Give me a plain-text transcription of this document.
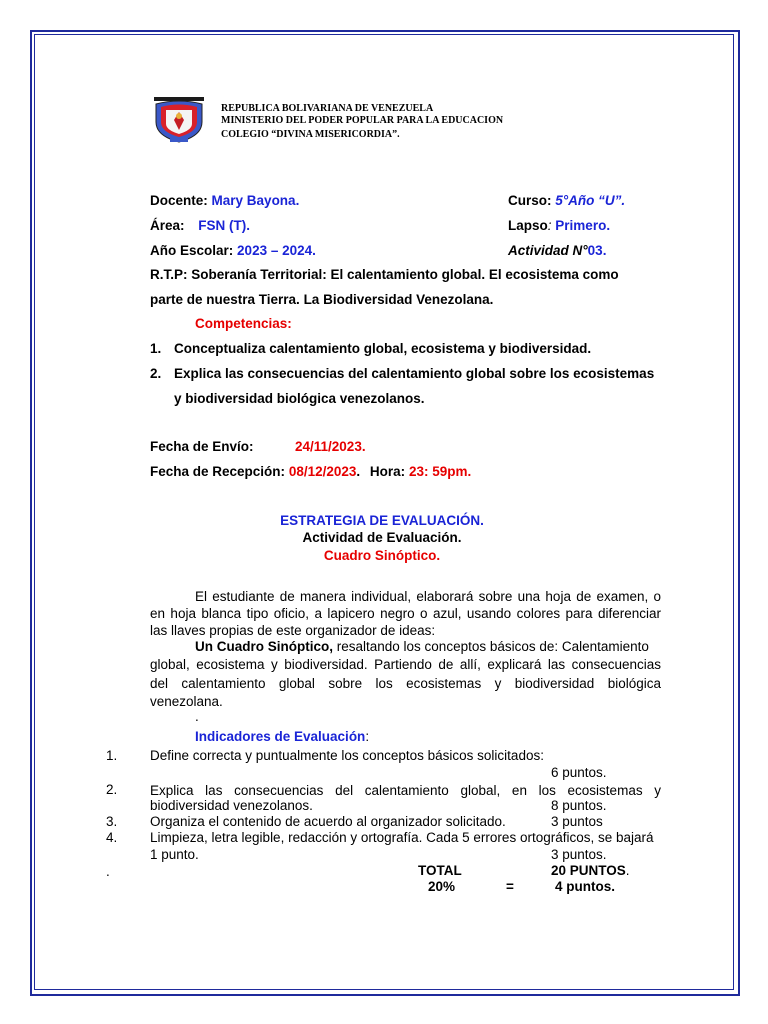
REPUBLICA BOLIVARIANA DE VENEZUELA
MINISTERIO DEL PODER POPULAR PARA LA EDUCACION
COLEGIO “DIVINA MISERICORDIA”.
Docente: Mary Bayona.	Curso: 5°Año “U”.
Área: FSN (T).	Lapso: Primero.
Año Escolar: 2023 – 2024.	Actividad N°03.
R.T.P: Soberanía Territorial: El calentamiento global. El ecosistema como
parte de nuestra Tierra. La Biodiversidad Venezolana.
Competencias:
1. Conceptualiza calentamiento global, ecosistema y biodiversidad.
2. Explica las consecuencias del calentamiento global sobre los ecosistemas
y biodiversidad biológica venezolanos.
Fecha de Envío:	24/11/2023.
Fecha de Recepción: 08/12/2023. Hora: 23: 59pm.
ESTRATEGIA DE EVALUACIÓN.
Actividad de Evaluación.
Cuadro Sinóptico.
El estudiante de manera individual, elaborará sobre una hoja de examen, o
en hoja blanca tipo oficio, a lapicero negro o azul, usando colores para diferenciar
las llaves propias de este organizador de ideas:
Un Cuadro Sinóptico, resaltando los conceptos básicos de: Calentamiento
global, ecosistema y biodiversidad. Partiendo de allí, explicará las consecuencias
del calentamiento global sobre los ecosistemas y biodiversidad biológica
venezolana.
.
Indicadores de Evaluación:
1. Define correcta y puntualmente los conceptos básicos solicitados:
6 puntos.
2. Explica las consecuencias del calentamiento global, en los ecosistemas y
biodiversidad venezolanos.	8 puntos.
3. Organiza el contenido de acuerdo al organizador solicitado.	3 puntos
4. Limpieza, letra legible, redacción y ortografía. Cada 5 errores ortográficos, se bajará
1 punto.	3 puntos.
.	TOTAL	20 PUNTOS.
20%	=	4 puntos.
